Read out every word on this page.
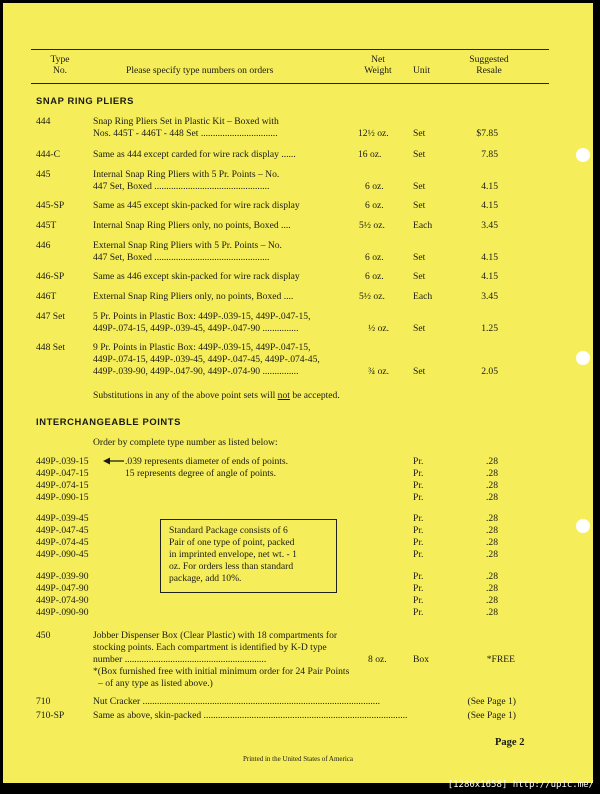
Type
No.	Please specify type numbers on orders
Net
Weight	Unit
Suggested
Resale
SNAP RING PLIERS
444	Snap Ring Pliers Set in Plastic Kit – Boxed with
Nos. 445T - 446T - 448 Set ................................	12½ oz.	Set	$7.85
444-C	Same as 444 except carded for wire rack display ......	16 oz.	Set	7.85
445	Internal Snap Ring Pliers with 5 Pr. Points – No.
447 Set, Boxed ................................................	6 oz.	Set	4.15
445-SP	Same as 445 except skin-packed for wire rack display	6 oz.	Set	4.15
445T	Internal Snap Ring Pliers only, no points, Boxed ....	5½ oz.	Each	3.45
446	External Snap Ring Pliers with 5 Pr. Points – No.
447 Set, Boxed ................................................	6 oz.	Set	4.15
446-SP	Same as 446 except skin-packed for wire rack display	6 oz.	Set	4.15
446T	External Snap Ring Pliers only, no points, Boxed ....	5½ oz.	Each	3.45
447 Set	5 Pr. Points in Plastic Box: 449P-.039-15, 449P-.047-15,
449P-.074-15, 449P-.039-45, 449P-.047-90 ...............	½ oz. Set	1.25
448 Set	9 Pr. Points in Plastic Box: 449P-.039-15, 449P-.047-15,
449P-.074-15, 449P-.039-45, 449P-.047-45, 449P-.074-45,
449P-.039-90, 449P-.047-90, 449P-.074-90 ...............	¾ oz. Set	2.05
Substitutions in any of the above point sets will not be accepted.
INTERCHANGEABLE POINTS
Order by complete type number as listed below:
.039 represents diameter of ends of points.
15 represents degree of angle of points.
449P-.039-15	Pr.	.28
449P-.047-15	Pr.	.28
449P-.074-15	Pr.	.28
449P-.090-15	Pr.	.28
449P-.039-45	Pr.	.28
449P-.047-45	Pr.	.28
449P-.074-45	Pr.	.28
449P-.090-45	Pr.	.28
449P-.039-90	Pr.	.28
449P-.047-90	Pr.	.28
449P-.074-90	Pr.	.28
449P-.090-90	Pr.	.28
Standard Package consists of 6
Pair of one type of point, packed
in imprinted envelope, net wt. - 1
oz. For orders less than standard
package, add 10%.
450	Jobber Dispenser Box (Clear Plastic) with 18 compartments for
stocking points. Each compartment is identified by K-D type
number ...........................................................	8 oz.	Box	*FREE
*(Box furnished free with initial minimum order for 24 Pair Points
– of any type as listed above.)
710	Nut Cracker ...................................................................................................	(See Page 1)
710-SP	Same as above, skin-packed .....................................................................................	(See Page 1)
Page 2
Printed in the United States of America
[1280x1658] http://upic.me/
